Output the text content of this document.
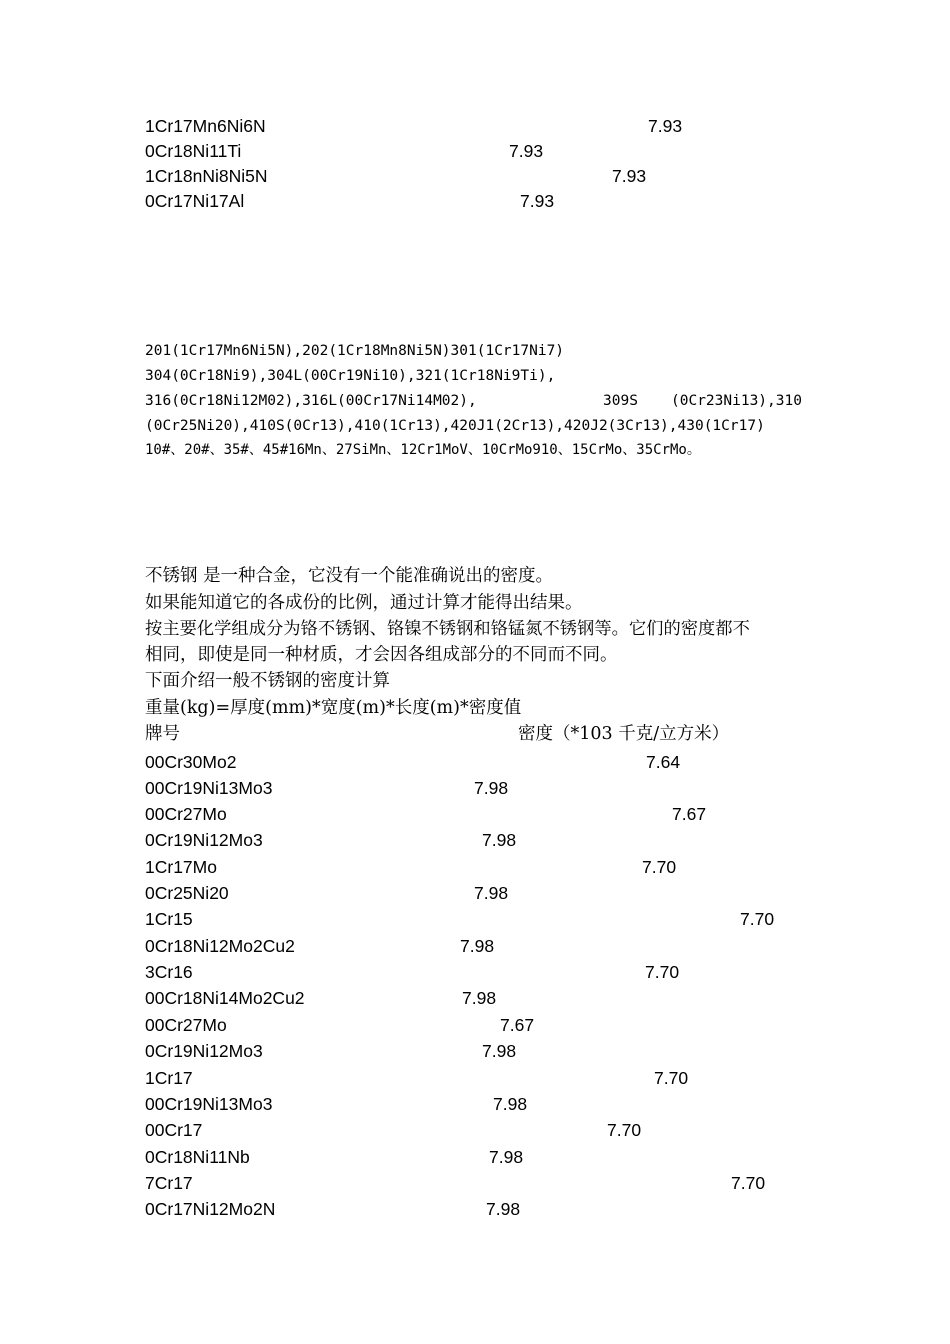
1Cr17Mn6Ni6N	7.93
0Cr18Ni11Ti	7.93
1Cr18nNi8Ni5N	7.93
0Cr17Ni17Al	7.93
201(1Cr17Mn6Ni5N),202(1Cr18Mn8Ni5N)301(1Cr17Ni7)
304(0Cr18Ni9),304L(00Cr19Ni10),321(1Cr18Ni9Ti),
316(0Cr18Ni12M02),316L(00Cr17Ni14M02),	309S (0Cr23Ni13),310
(0Cr25Ni20),410S(0Cr13),410(1Cr13),420J1(2Cr13),420J2(3Cr13),430(1Cr17)
10#、20#、35#、45#16Mn、27SiMn、12Cr1MoV、10CrMo910、15CrMo、35CrMo。
不锈钢 是一种合金，它没有一个能准确说出的密度。
如果能知道它的各成份的比例，通过计算才能得出结果。
按主要化学组成分为铬不锈钢、铬镍不锈钢和铬锰氮不锈钢等。它们的密度都不
相同，即使是同一种材质，才会因各组成部分的不同而不同。
下面介绍一般不锈钢的密度计算
重量(kg)=厚度(mm)*宽度(m)*长度(m)*密度值
牌号	密度（*103 千克/立方米）
00Cr30Mo2	7.64
00Cr19Ni13Mo3	7.98
00Cr27Mo	7.67
0Cr19Ni12Mo3	7.98
1Cr17Mo	7.70
0Cr25Ni20	7.98
1Cr15	7.70
0Cr18Ni12Mo2Cu2	7.98
3Cr16	7.70
00Cr18Ni14Mo2Cu2	7.98
00Cr27Mo	7.67
0Cr19Ni12Mo3	7.98
1Cr17	7.70
00Cr19Ni13Mo3	7.98
00Cr17	7.70
0Cr18Ni11Nb	7.98
7Cr17	7.70
0Cr17Ni12Mo2N	7.98
